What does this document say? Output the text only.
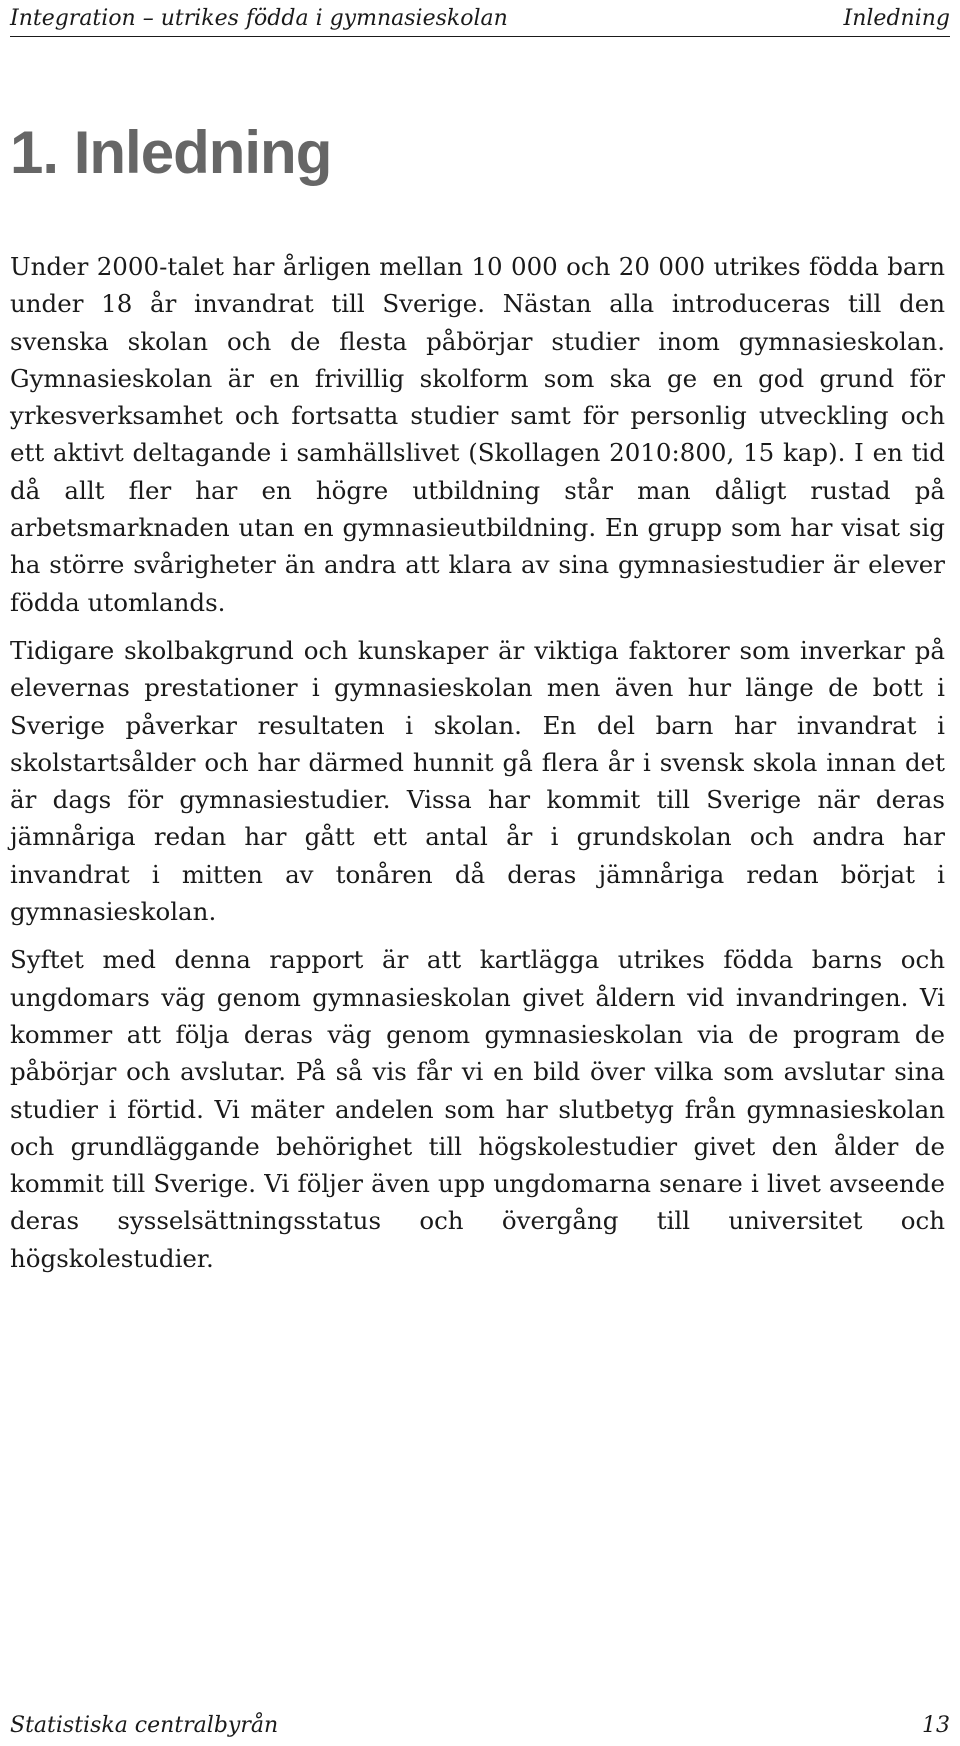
Integration – utrikes födda i gymnasieskolan	Inledning
1. Inledning

Under 2000-talet har årligen mellan 10 000 och 20 000 utrikes födda barn under 18 år invandrat till Sverige. Nästan alla introduceras till den svenska skolan och de flesta påbörjar studier inom gymnasieskolan. Gymnasieskolan är en frivillig skolform som ska ge en god grund för yrkesverksamhet och fortsatta studier samt för personlig utveckling och ett aktivt deltagande i samhällslivet (Skollagen 2010:800, 15 kap). I en tid då allt fler har en högre utbildning står man dåligt rustad på arbetsmarknaden utan en gymnasieutbildning. En grupp som har visat sig ha större svårigheter än andra att klara av sina gymnasiestudier är elever födda utomlands.

Tidigare skolbakgrund och kunskaper är viktiga faktorer som inverkar på elevernas prestationer i gymnasieskolan men även hur länge de bott i Sverige påverkar resultaten i skolan. En del barn har invandrat i skolstartsålder och har därmed hunnit gå flera år i svensk skola innan det är dags för gymnasiestudier. Vissa har kommit till Sverige när deras jämnåriga redan har gått ett antal år i grundskolan och andra har invandrat i mitten av tonåren då deras jämnåriga redan börjat i gymnasieskolan.

Syftet med denna rapport är att kartlägga utrikes födda barns och ungdomars väg genom gymnasieskolan givet åldern vid invandringen. Vi kommer att följa deras väg genom gymnasieskolan via de program de påbörjar och avslutar. På så vis får vi en bild över vilka som avslutar sina studier i förtid. Vi mäter andelen som har slutbetyg från gymnasieskolan och grundläggande behörighet till högskolestudier givet den ålder de kommit till Sverige. Vi följer även upp ungdomarna senare i livet avseende deras sysselsättningsstatus och övergång till universitet och högskolestudier.

Statistiska centralbyrån	13
